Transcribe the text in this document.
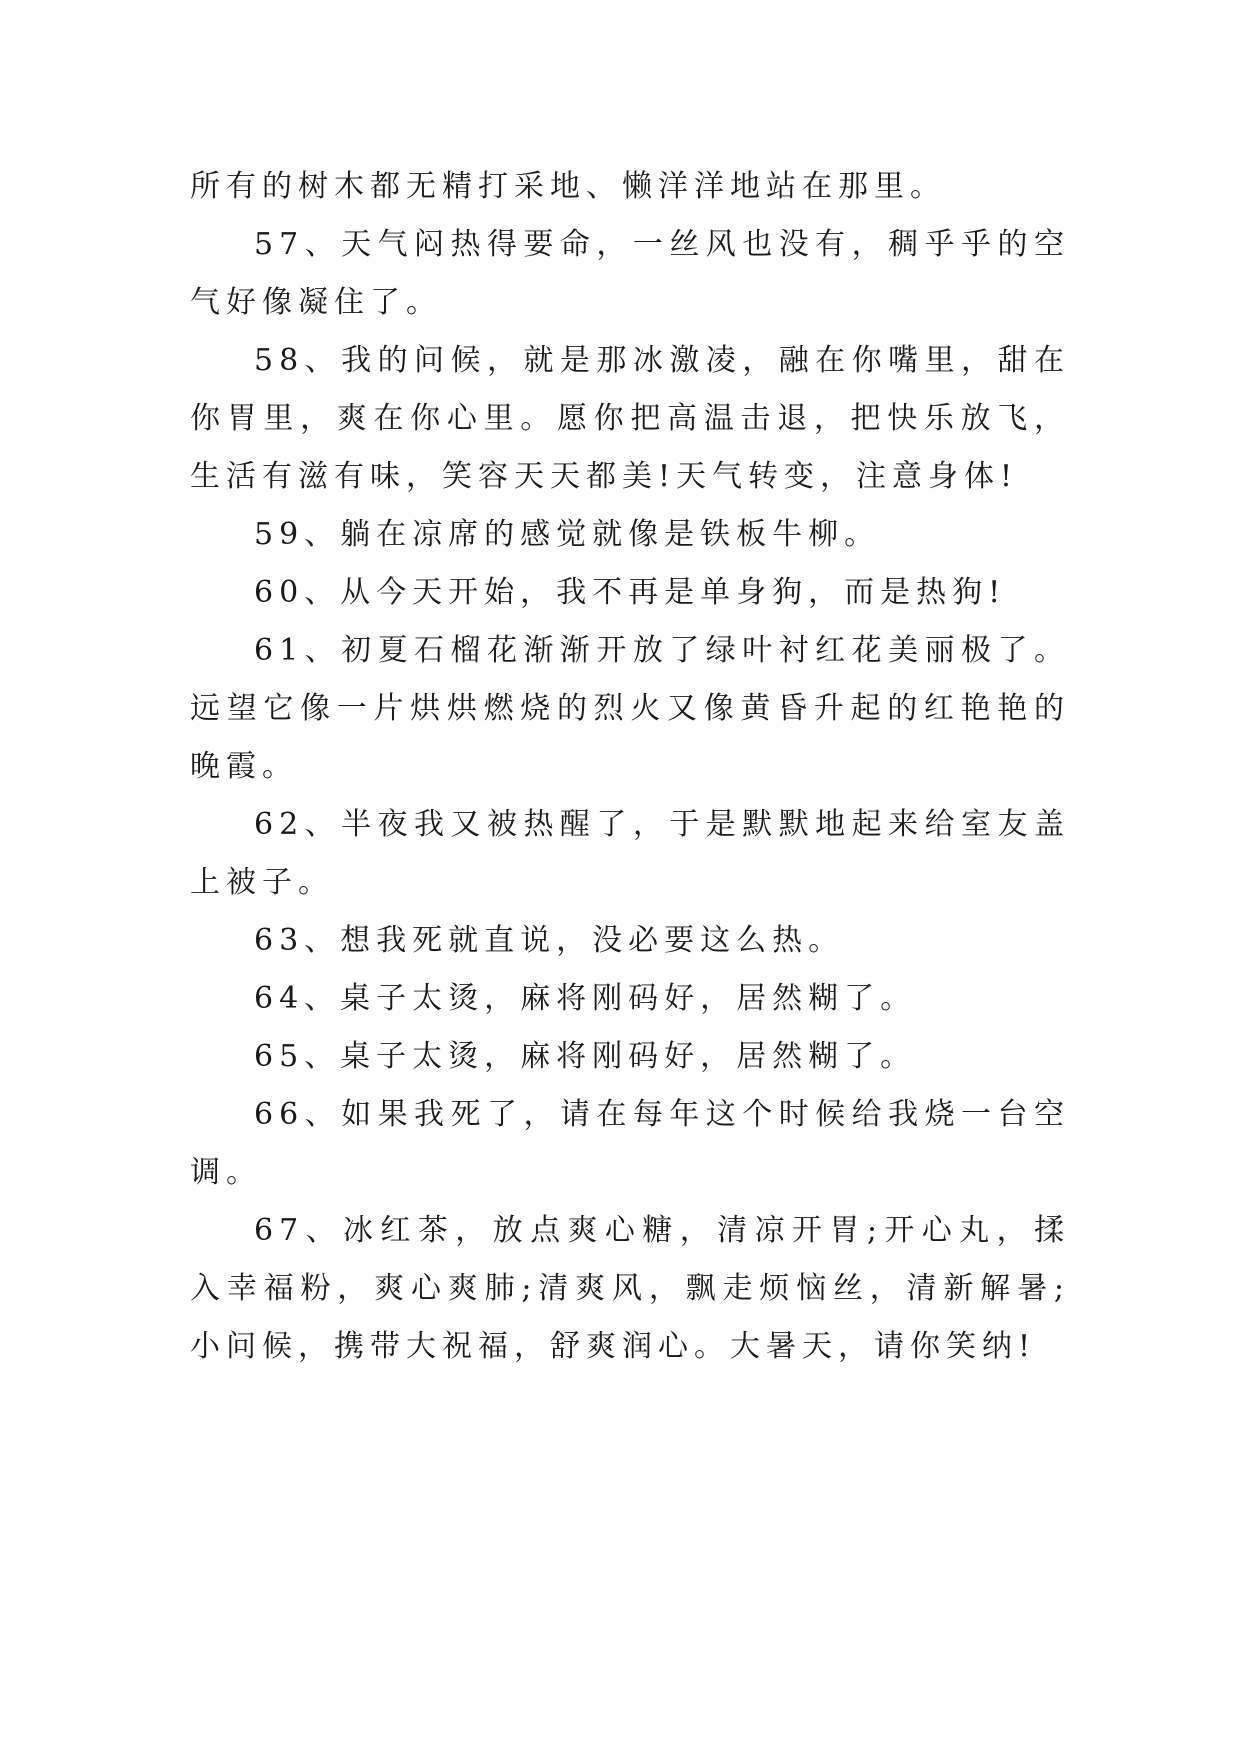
所有的树木都无精打采地、懒洋洋地站在那里。

57、天气闷热得要命，一丝风也没有，稠乎乎的空气好像凝住了。

58、我的问候，就是那冰激凌，融在你嘴里，甜在你胃里，爽在你心里。愿你把高温击退，把快乐放飞，生活有滋有味，笑容天天都美!天气转变，注意身体!

59、躺在凉席的感觉就像是铁板牛柳。

60、从今天开始，我不再是单身狗，而是热狗!

61、初夏石榴花渐渐开放了绿叶衬红花美丽极了。远望它像一片烘烘燃烧的烈火又像黄昏升起的红艳艳的晚霞。

62、半夜我又被热醒了，于是默默地起来给室友盖上被子。

63、想我死就直说，没必要这么热。

64、桌子太烫，麻将刚码好，居然糊了。

65、桌子太烫，麻将刚码好，居然糊了。

66、如果我死了，请在每年这个时候给我烧一台空调。

67、冰红茶，放点爽心糖，清凉开胃;开心丸，揉入幸福粉，爽心爽肺;清爽风，飘走烦恼丝，清新解暑;小问候，携带大祝福，舒爽润心。大暑天，请你笑纳!
